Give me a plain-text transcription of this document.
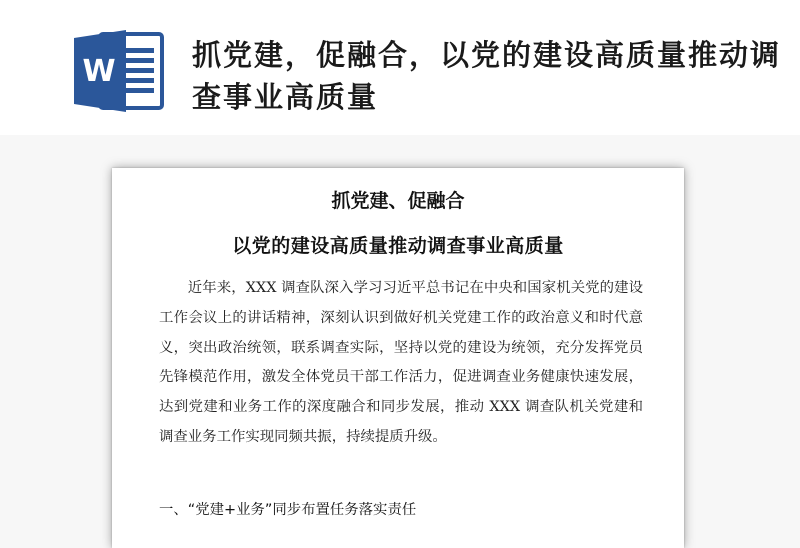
W	抓党建，促融合，以党的建设高质量推动调查事业高质量
抓党建、促融合
以党的建设高质量推动调查事业高质量

近年来，XXX 调查队深入学习习近平总书记在中央和国家机关党的建设工作会议上的讲话精神，深刻认识到做好机关党建工作的政治意义和时代意义，突出政治统领，联系调查实际，坚持以党的建设为统领，充分发挥党员先锋模范作用，激发全体党员干部工作活力，促进调查业务健康快速发展，达到党建和业务工作的深度融合和同步发展，推动 XXX 调查队机关党建和调查业务工作实现同频共振，持续提质升级。

一、“党建+业务”同步布置任务落实责任
